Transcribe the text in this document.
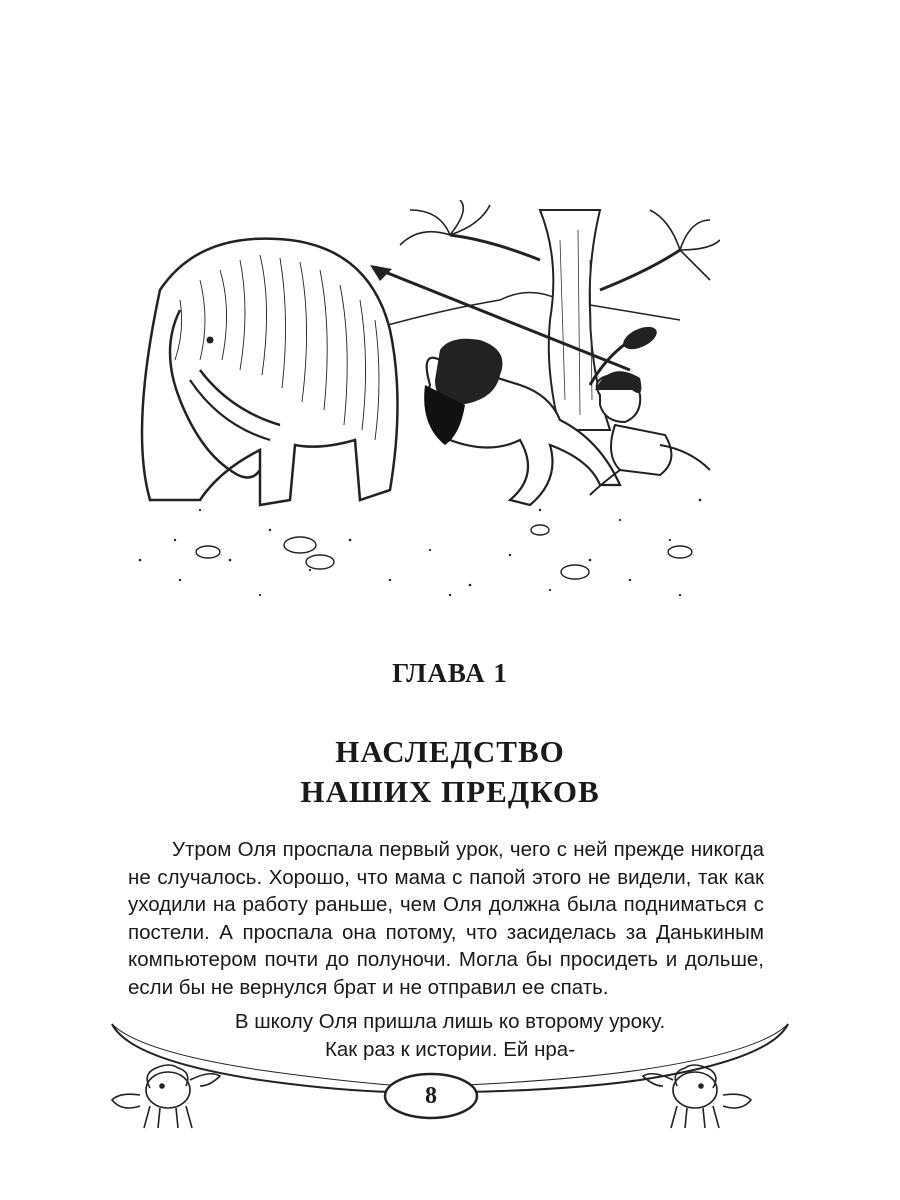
ГЛАВА 1
НАСЛЕДСТВО
НАШИХ ПРЕДКОВ

Утром Оля проспала первый урок, чего с ней прежде никогда не случалось. Хорошо, что мама с папой этого не видели, так как уходили на работу раньше, чем Оля должна была подниматься с постели. А проспала она потому, что засиделась за Данькиным компьютером почти до полуночи. Могла бы просидеть и дольше, если бы не вернулся брат и не отправил ее спать.

В школу Оля пришла лишь ко второму уроку.
Как раз к истории. Ей нра-
8
